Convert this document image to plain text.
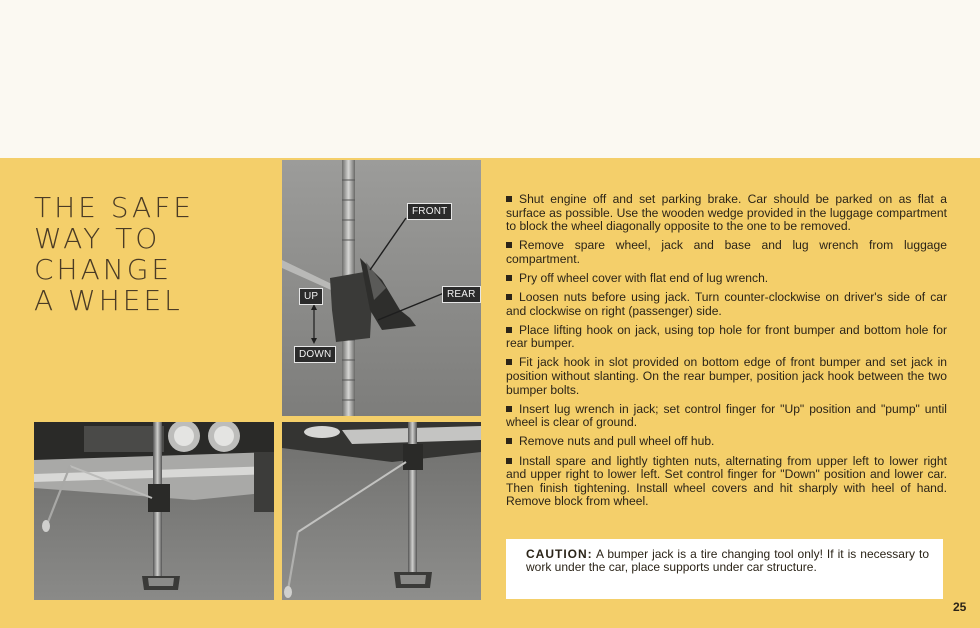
THE SAFE
WAY TO
CHANGE
A WHEEL
FRONT
REAR
UP
DOWN

Shut engine off and set parking brake. Car should be parked on as flat a surface as possible. Use the wooden wedge provided in the luggage compartment to block the wheel diagonally opposite to the one to be removed.

Remove spare wheel, jack and base and lug wrench from luggage compartment.

Pry off wheel cover with flat end of lug wrench.

Loosen nuts before using jack. Turn counter-clockwise on driver's side of car and clockwise on right (passenger) side.

Place lifting hook on jack, using top hole for front bumper and bottom hole for rear bumper.

Fit jack hook in slot provided on bottom edge of front bumper and set jack in position without slanting. On the rear bumper, position jack hook between the two bumper bolts.

Insert lug wrench in jack; set control finger for "Up" position and "pump" until wheel is clear of ground.

Remove nuts and pull wheel off hub.

Install spare and lightly tighten nuts, alternating from upper left to lower right and upper right to lower left. Set control finger for "Down" position and lower car. Then finish tightening. Install wheel covers and hit sharply with heel of hand. Remove block from wheel.

CAUTION: A bumper jack is a tire changing tool only! If it is necessary to work under the car, place supports under car structure.
25
